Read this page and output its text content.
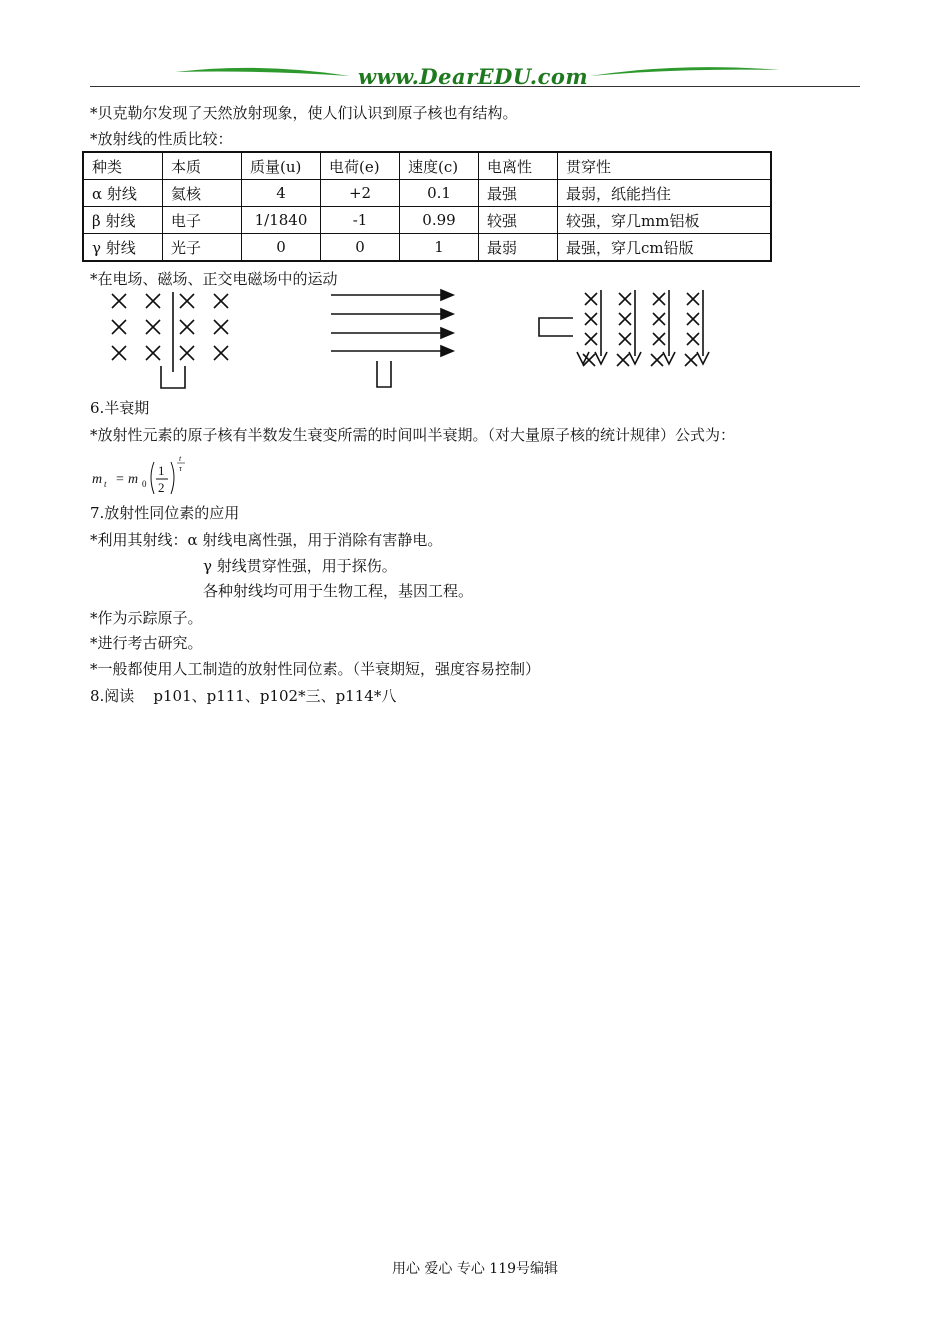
www.DearEDU.com
*贝克勒尔发现了天然放射现象，使人们认识到原子核也有结构。
*放射线的性质比较：
种类	本质	质量(u)	电荷(e)	速度(c)	电离性	贯穿性
α 射线	氦核	4	+2	0.1	最强	最弱，纸能挡住
β 射线	电子	1/1840	-1	0.99	较强	较强，穿几mm铝板
γ 射线	光子	0	0	1	最弱	最强，穿几cm铅版
*在电场、磁场、正交电磁场中的运动
6.半衰期
*放射性元素的原子核有半数发生衰变所需的时间叫半衰期。（对大量原子核的统计规律）公式为：
m t = m 0
1
2
t
τ
7.放射性同位素的应用
*利用其射线：α 射线电离性强，用于消除有害静电。
γ 射线贯穿性强，用于探伤。
各种射线均可用于生物工程，基因工程。
*作为示踪原子。
*进行考古研究。
*一般都使用人工制造的放射性同位素。（半衰期短，强度容易控制）
8.阅读    p101、p111、p102*三、p114*八
用心 爱心 专心 119号编辑
